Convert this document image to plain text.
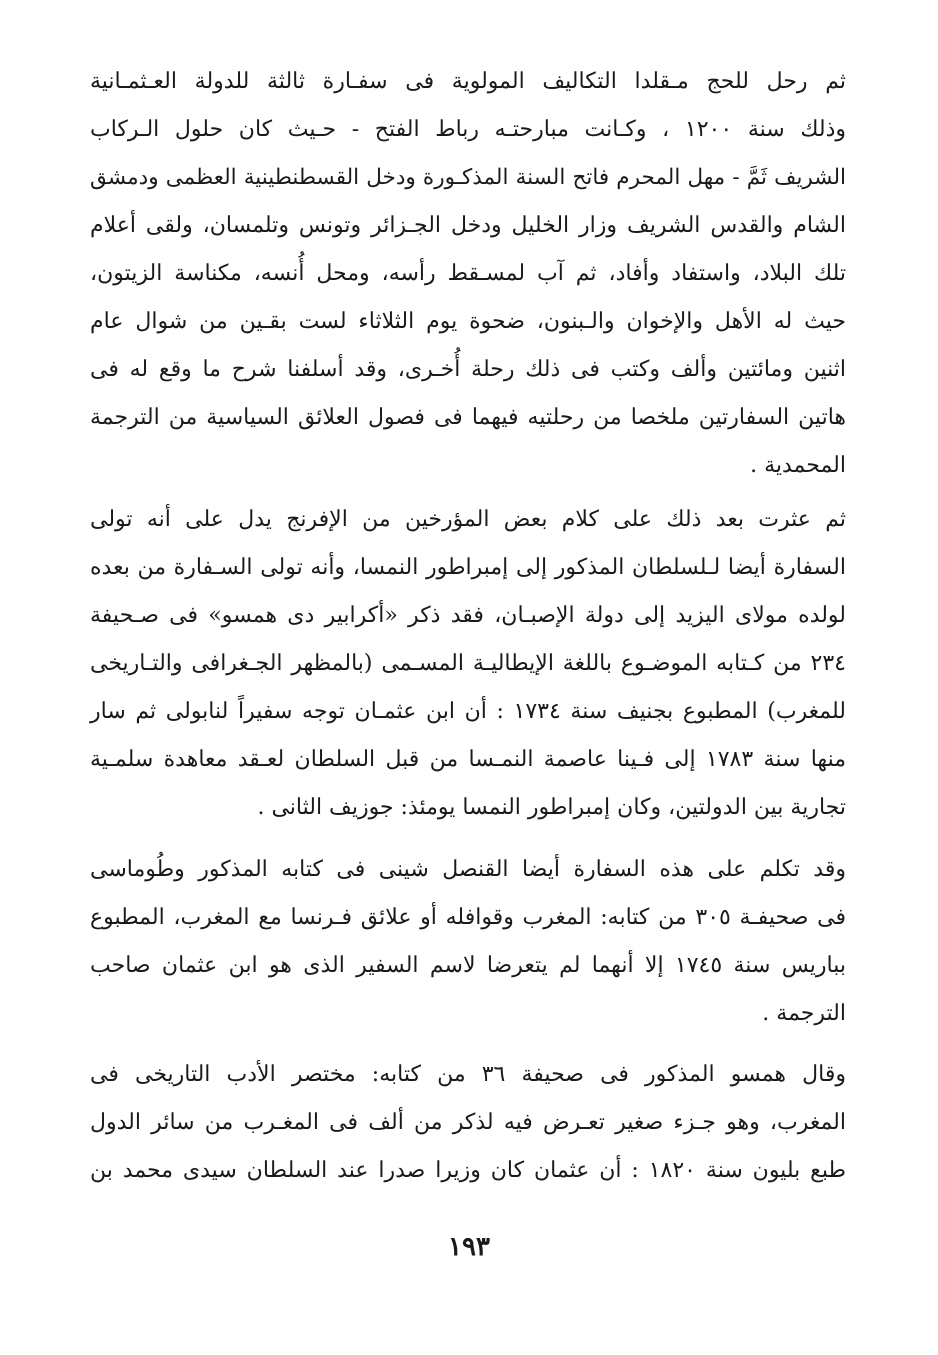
ثم رحل للحج مـقلدا التكاليف المولوية فى سفـارة ثالثة للدولة العـثمـانية
وذلك سنة ١٢٠٠ ، وكـانت مبارحتـه رباط الفتح - حـيث كان حلول الـركاب
الشريف ثَمَّ - مهل المحرم فاتح السنة المذكـورة ودخل القسطنطينية العظمى ودمشق
الشام والقدس الشريف وزار الخليل ودخل الجـزائر وتونس وتلمسان، ولقى أعلام
تلك البلاد، واستفاد وأفاد، ثم آب لمسـقط رأسه، ومحل أُنسه، مكناسة الزيتون،
حيث له الأهل والإخوان والـبنون، ضحوة يوم الثلاثاء لست بقـين من شوال عام
اثنين ومائتين وألف وكتب فى ذلك رحلة أُخـرى، وقد أسلفنا شرح ما وقع له فى
هاتين السفارتين ملخصا من رحلتيه فيهما فى فصول العلائق السياسية من الترجمة
المحمدية .
ثم عثرت بعد ذلك على كلام بعض المؤرخين من الإفرنج يدل على أنه تولى
السفارة أيضا لـلسلطان المذكور إلى إمبراطور النمسا، وأنه تولى السـفارة من بعده
لولده مولاى اليزيد إلى دولة الإصبـان، فقد ذكر «أكرابير دى همسو» فى صـحيفة
٢٣٤ من كـتابه الموضـوع باللغة الإيطاليـة المسـمى (بالمظهر الجـغرافى والتـاريخى
للمغرب) المطبوع بجنيف سنة ١٧٣٤ : أن ابن عثمـان توجه سفيراً لنابولى ثم سار
منها سنة ١٧٨٣ إلى فـينا عاصمة النمـسا من قبل السلطان لعـقد معاهدة سلمـية
تجارية بين الدولتين، وكان إمبراطور النمسا يومئذ: جوزيف الثانى .
وقد تكلم على هذه السفارة أيضا القنصل شينى فى كتابه المذكور وطُوماسى
فى صحيفـة ٣٠٥ من كتابه: المغرب وقوافله أو علائق فـرنسا مع المغرب، المطبوع
بباريس سنة ١٧٤٥ إلا أنهما لم يتعرضا لاسم السفير الذى هو ابن عثمان صاحب
الترجمة .
وقال همسو المذكور فى صحيفة ٣٦ من كتابه: مختصر الأدب التاريخى فى
المغرب، وهو جـزء صغير تعـرض فيه لذكر من ألف فى المغـرب من سائر الدول
طبع بليون سنة ١٨٢٠ : أن عثمان كان وزيرا صدرا عند السلطان سيدى محمد بن
١٩٣
